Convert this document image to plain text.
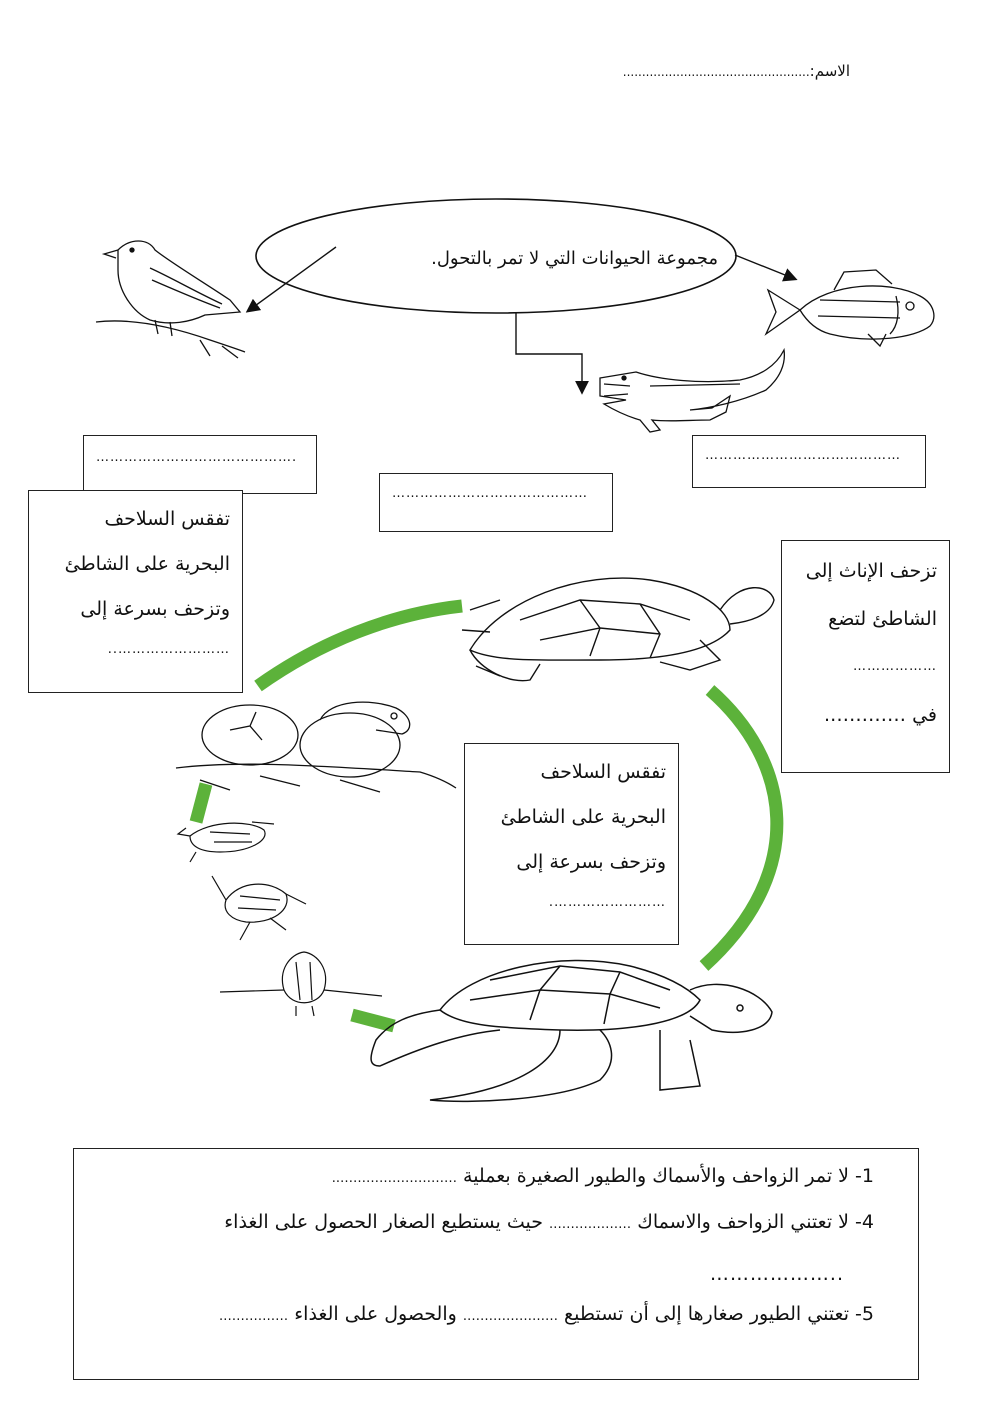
الاسم:.................................................
مجموعة الحيوانات التي لا تمر بالتحول.
…………………………………….
……………………………………
……………………………………
تفقس السلاحف
البحرية على الشاطئ
وتزحف بسرعة إلى
……………………..
تزحف الإناث إلى
الشاطئ لتضع
………………
في ………….
تفقس السلاحف
البحرية على الشاطئ
وتزحف بسرعة إلى
…………………….
1- لا تمر الزواحف والأسماك والطيور الصغيرة بعملية ………………………..
4- لا تعتني الزواحف والاسماك ………………. حيث يستطيع الصغار الحصول على الغذاء
………………..
5- تعتني الطيور صغارها إلى أن تستطيع …………………. والحصول على الغذاء …………….
